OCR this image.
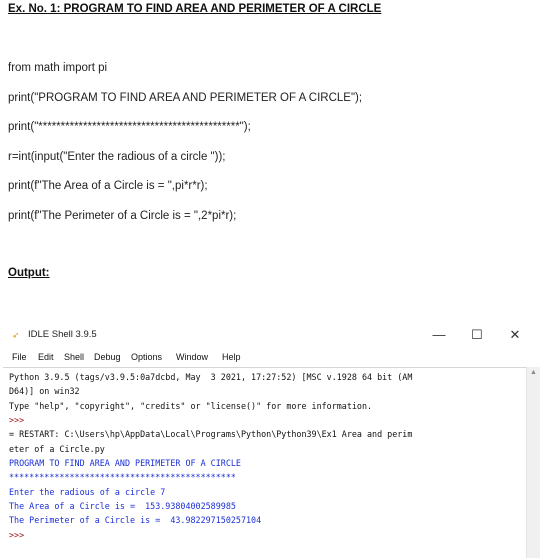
Ex. No. 1: PROGRAM TO FIND AREA AND PERIMETER OF A CIRCLE
from math import pi
print("PROGRAM TO FIND AREA AND PERIMETER OF A CIRCLE");
print("*********************************************");
r=int(input("Enter the radious of a circle "));
print(f"The Area of a Circle is = ",pi*r*r);
print(f"The Perimeter of a Circle is = ",2*pi*r);
Output:
➶ IDLE Shell 3.9.5	—	☐	✕
File Edit Shell Debug Options Window Help
Python 3.9.5 (tags/v3.9.5:0a7dcbd, May  3 2021, 17:27:52) [MSC v.1928 64 bit (AM
D64)] on win32
Type "help", "copyright", "credits" or "license()" for more information.
>>>
= RESTART: C:\Users\hp\AppData\Local\Programs\Python\Python39\Ex1 Area and perim
eter of a Circle.py
PROGRAM TO FIND AREA AND PERIMETER OF A CIRCLE
*********************************************
Enter the radious of a circle 7
The Area of a Circle is =  153.93804002589985
The Perimeter of a Circle is =  43.982297150257104
>>>
▲
